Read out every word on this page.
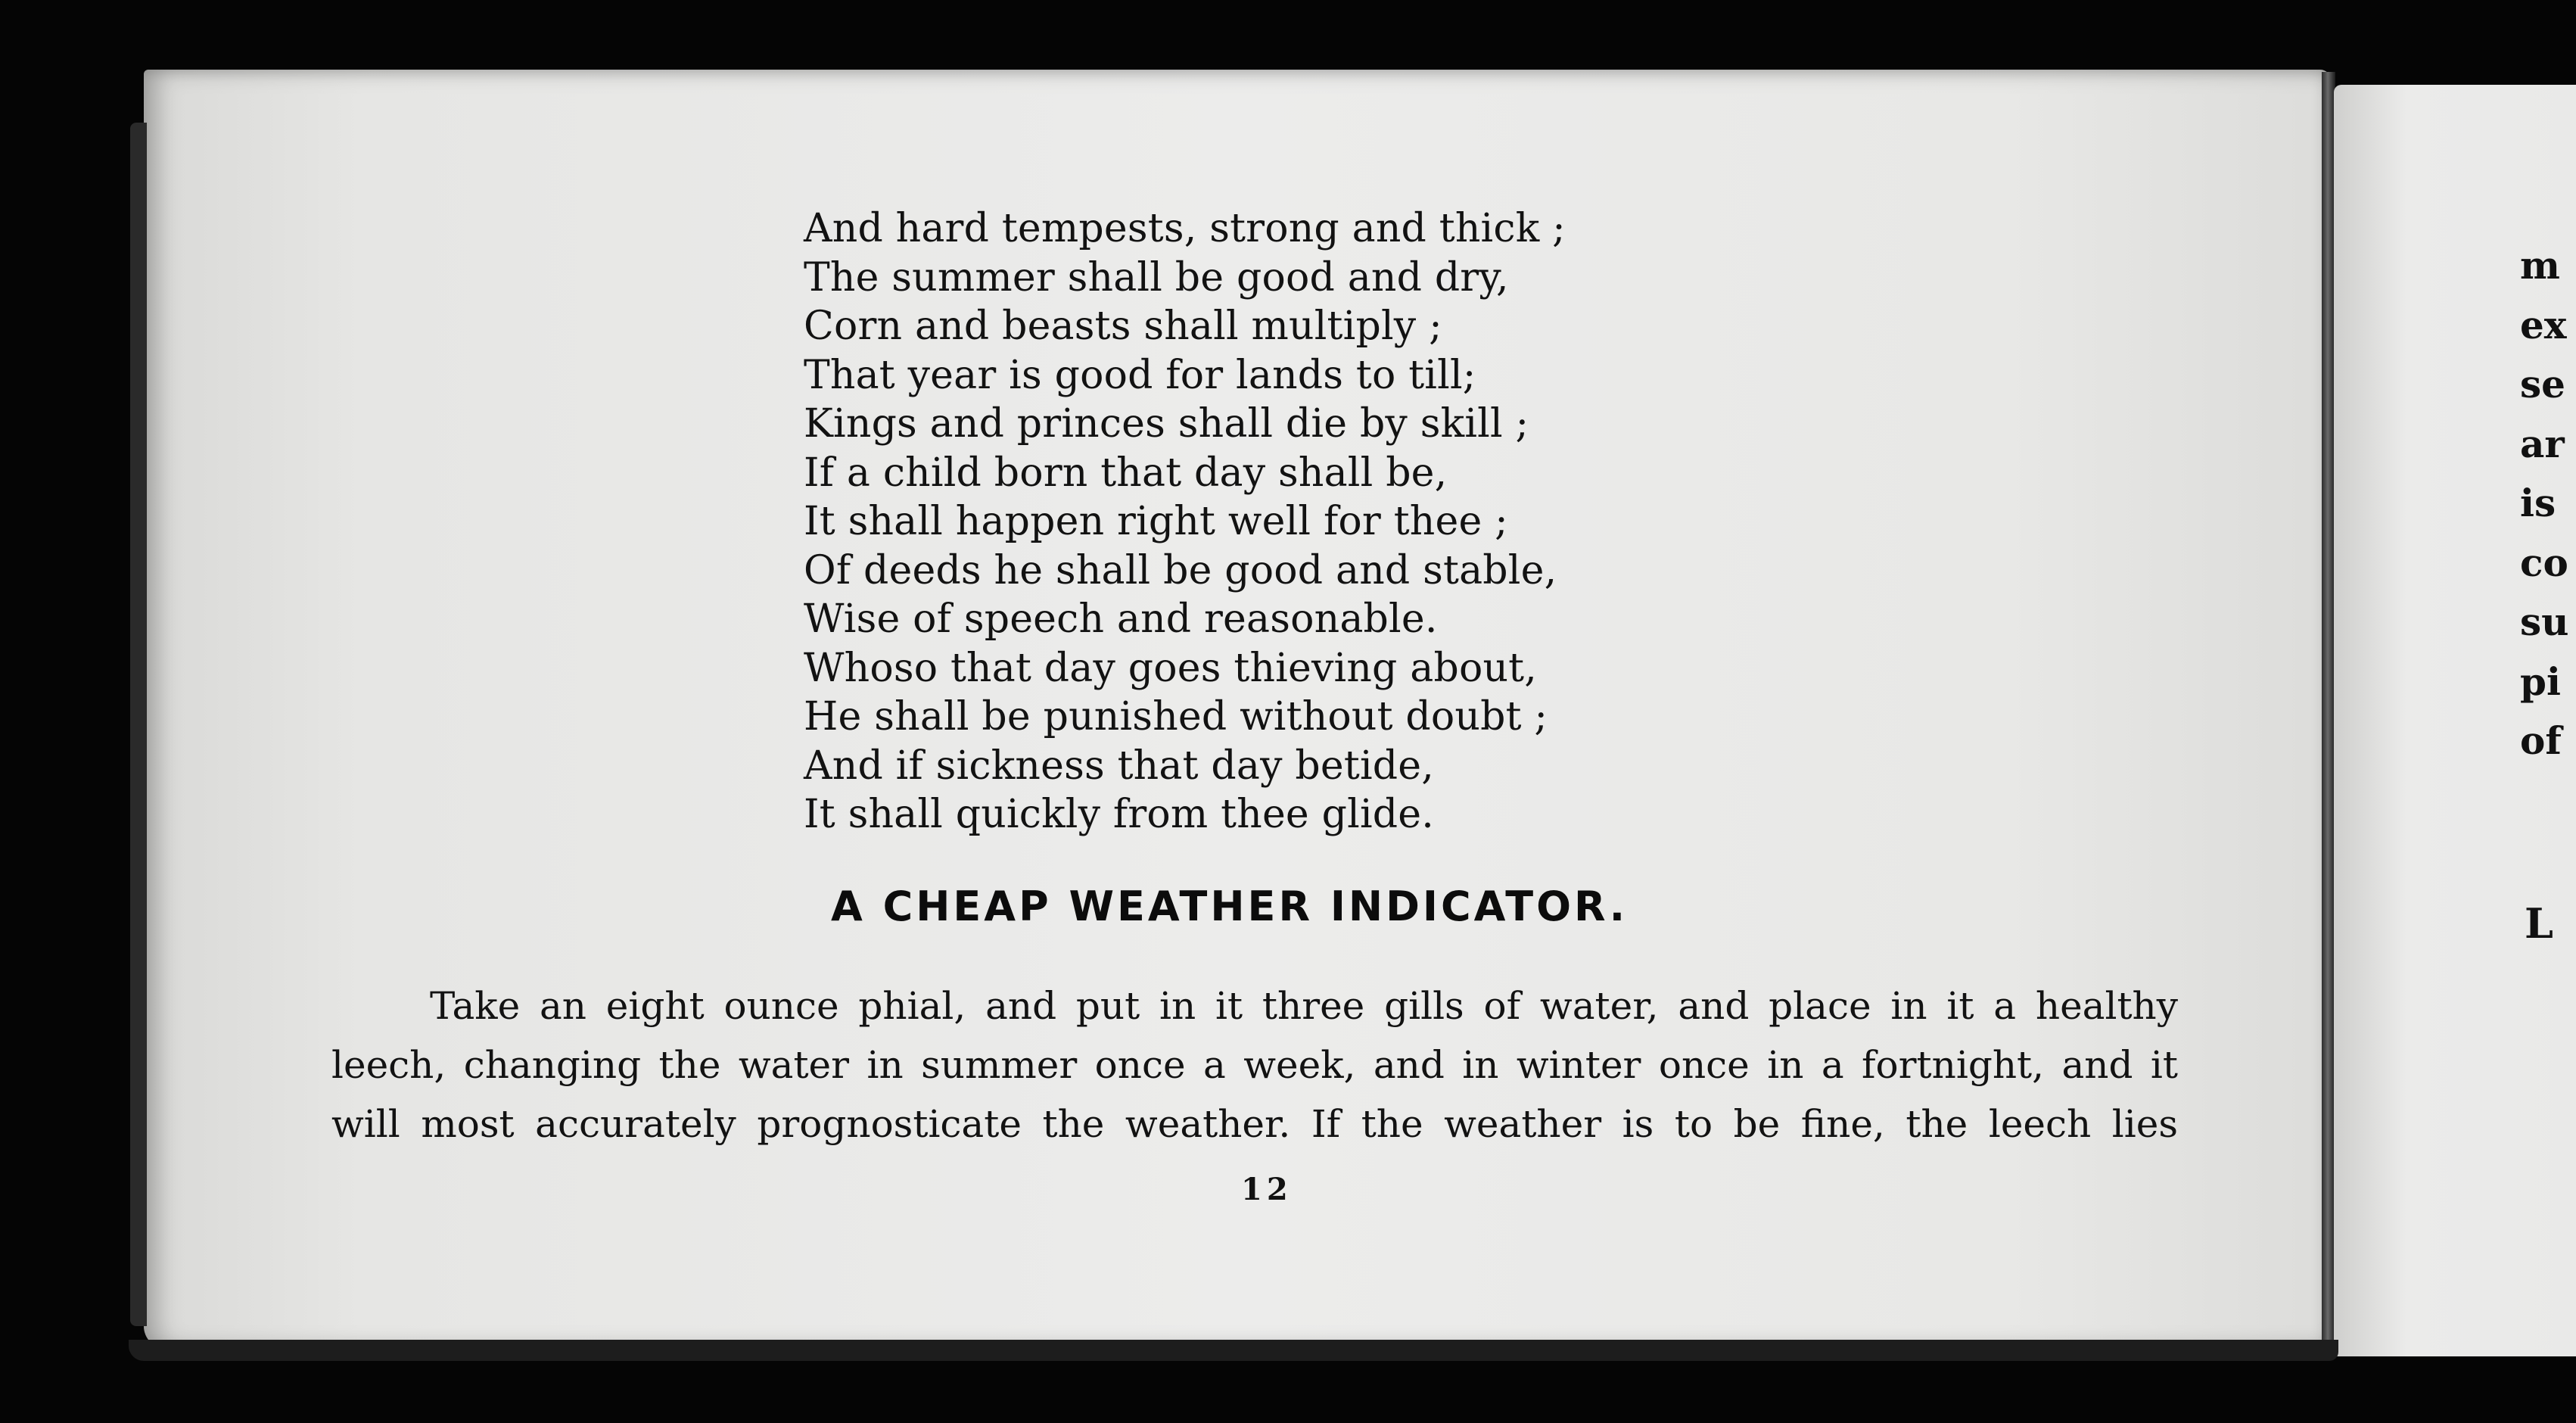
And hard tempests, strong and thick ;
The summer shall be good and dry,
Corn and beasts shall multiply ;
That year is good for lands to till;
Kings and princes shall die by skill ;
If a child born that day shall be,
It shall happen right well for thee ;
Of deeds he shall be good and stable,
Wise of speech and reasonable.
Whoso that day goes thieving about,
He shall be punished without doubt ;
And if sickness that day betide,
It shall quickly from thee glide.
A CHEAP WEATHER INDICATOR.
Take an eight ounce phial, and put in it three gills of water, and place in it a healthy
leech, changing the water in summer once a week, and in winter once in a fortnight, and it
will most accurately prognosticate the weather. If the weather is to be fine, the leech lies
12
m
ex
se
ar
is
co
su
pi
of
L
